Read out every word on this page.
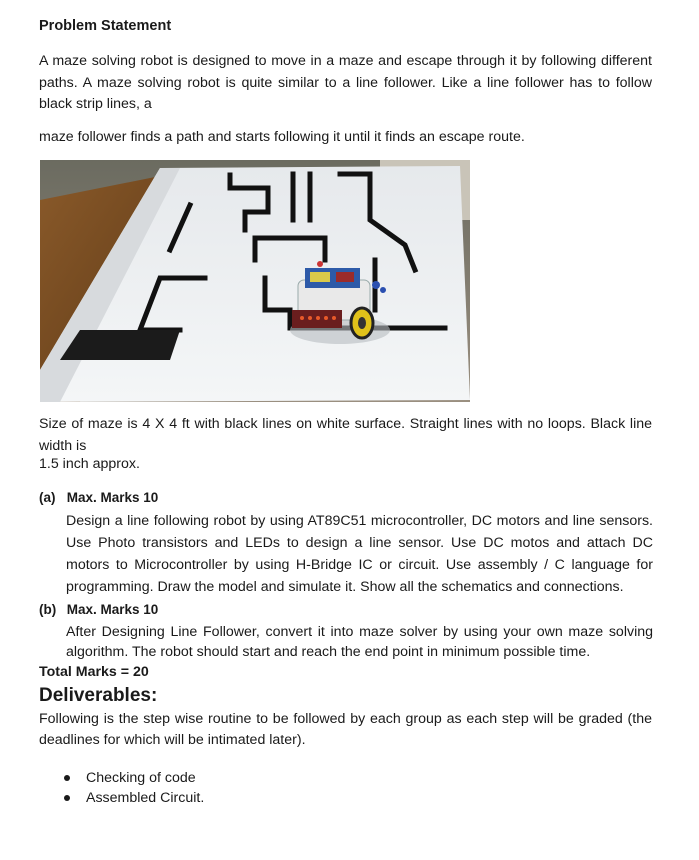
Problem Statement
A maze solving robot is designed to move in a maze and escape through it by following different paths. A maze solving robot is quite similar to a line follower. Like a line follower has to follow black strip lines, a
maze follower finds a path and starts following it until it finds an escape route.
Size of maze is 4 X 4 ft with black lines on white surface. Straight lines with no loops. Black line width is
1.5 inch approx.
(a) Max. Marks 10
Design a line following robot by using AT89C51 microcontroller, DC motors and line sensors. Use Photo transistors and LEDs to design a line sensor. Use DC motos and attach DC motors to Microcontroller by using H-Bridge IC or circuit. Use assembly / C language for programming. Draw the model and simulate it. Show all the schematics and connections.
(b) Max. Marks 10
After Designing Line Follower, convert it into maze solver by using your own maze solving algorithm. The robot should start and reach the end point in minimum possible time.
Total Marks = 20
Deliverables:
Following is the step wise routine to be followed by each group as each step will be graded (the deadlines for which will be intimated later).
Checking of code
Assembled Circuit.
